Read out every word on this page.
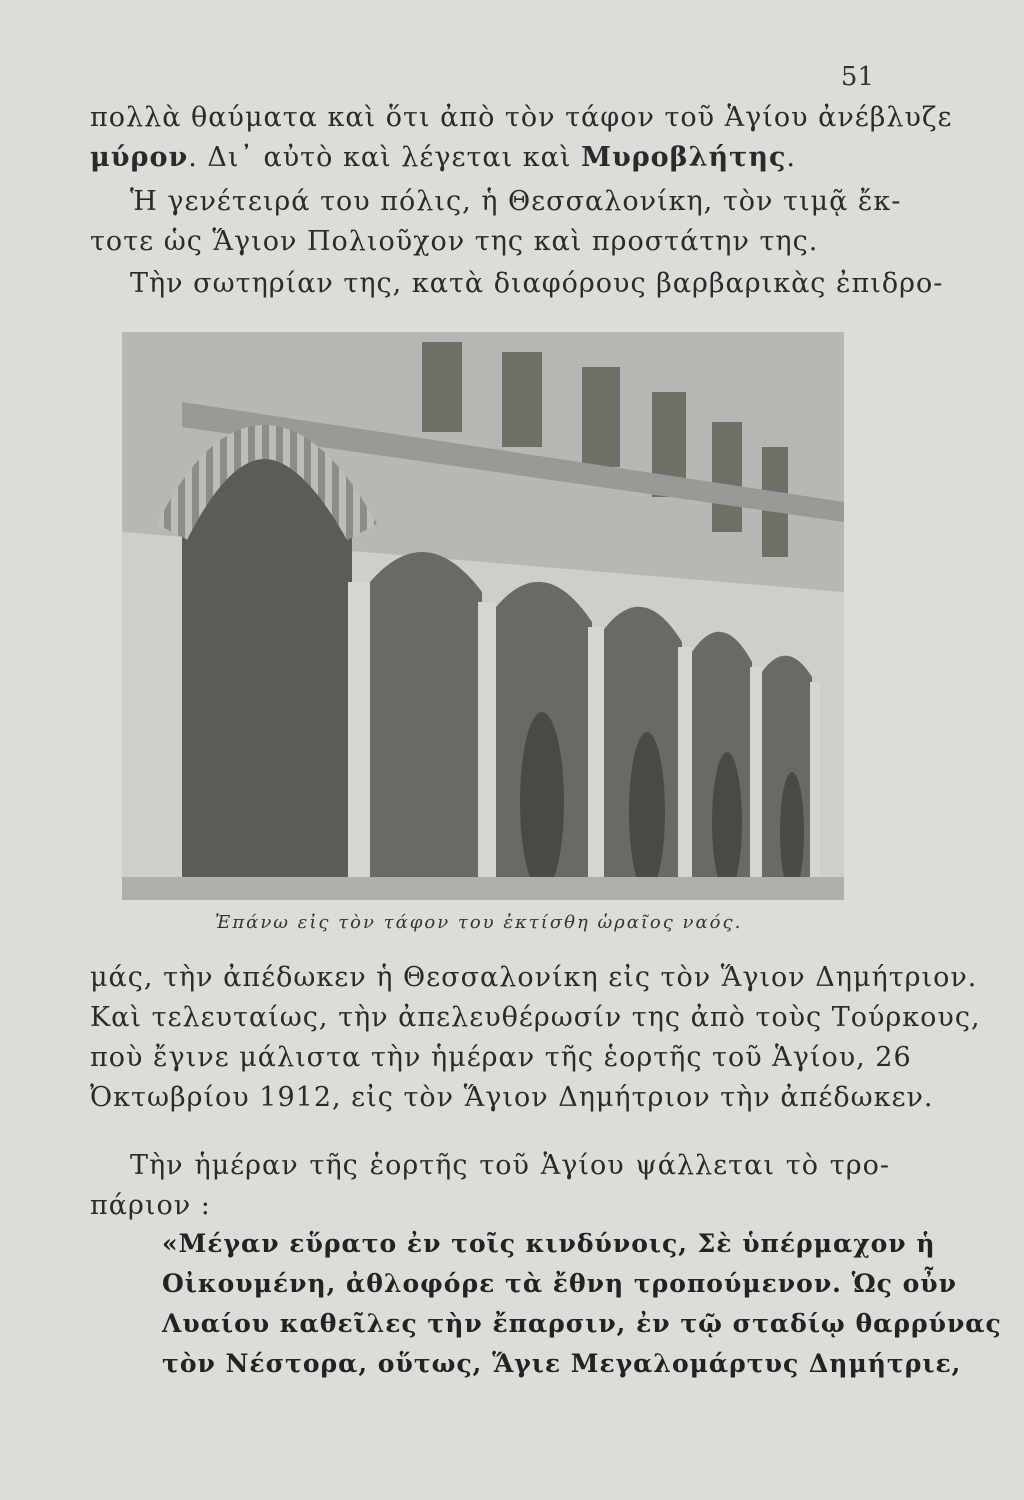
51
πολλὰ θαύματα καὶ ὅτι ἀπὸ τὸν τάφον τοῦ Ἁγίου ἀνέβλυζε
μύρον. Δι᾿ αὐτὸ καὶ λέγεται καὶ Μυροβλήτης.
Ἡ γενέτειρά του πόλις, ἡ Θεσσαλονίκη, τὸν τιμᾷ ἔκ-
τοτε ὡς Ἅγιον Πολιοῦχον της καὶ προστάτην της.
Τὴν σωτηρίαν της, κατὰ διαφόρους βαρβαρικὰς ἐπιδρο-
Ἐπάνω εἰς τὸν τάφον του ἐκτίσθη ὡραῖος ναός.
μάς, τὴν ἀπέδωκεν ἡ Θεσσαλονίκη εἰς τὸν Ἅγιον Δημήτριον.
Καὶ τελευταίως, τὴν ἀπελευθέρωσίν της ἀπὸ τοὺς Τούρκους,
ποὺ ἔγινε μάλιστα τὴν ἡμέραν τῆς ἑορτῆς τοῦ Ἁγίου, 26
Ὀκτωβρίου 1912, εἰς τὸν Ἅγιον Δημήτριον τὴν ἀπέδωκεν.
Τὴν ἡμέραν τῆς ἑορτῆς τοῦ Ἁγίου ψάλλεται τὸ τρο-
πάριον :
«Μέγαν εὕρατο ἐν τοῖς κινδύνοις, Σὲ ὑπέρμαχον ἡ
Οἰκουμένη, ἀθλοφόρε τὰ ἔθνη τροπούμενον. Ὡς οὖν
Λυαίου καθεῖλες τὴν ἔπαρσιν, ἐν τῷ σταδίῳ θαρρύνας
τὸν Νέστορα, οὕτως, Ἅγιε Μεγαλομάρτυς Δημήτριε,
